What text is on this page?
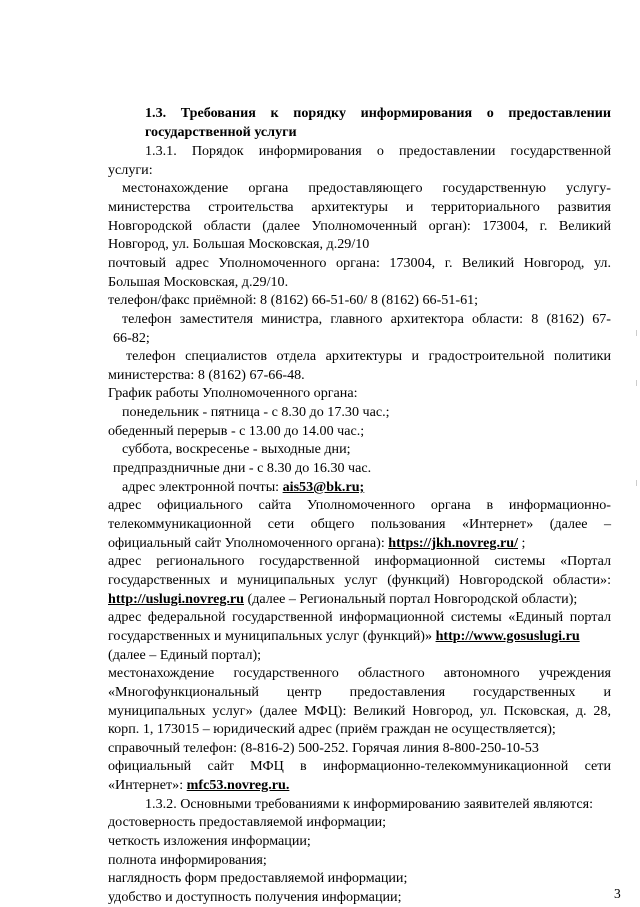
1.3. Требования к порядку информирования о предоставлении
государственной услуги
1.3.1. Порядок информирования о предоставлении государственной
услуги:
местонахождение органа предоставляющего государственную услугу-
министерства строительства архитектуры и территориального развития
Новгородской области (далее Уполномоченный орган): 173004, г. Великий
Новгород, ул. Большая Московская, д.29/10
почтовый адрес Уполномоченного органа: 173004, г. Великий Новгород, ул.
Большая Московская, д.29/10.
телефон/факс приёмной: 8 (8162) 66-51-60/ 8 (8162) 66-51-61;
телефон заместителя министра, главного архитектора области: 8 (8162) 67-
66-82;
телефон специалистов отдела архитектуры и градостроительной политики
министерства: 8 (8162) 67-66-48.
График работы Уполномоченного органа:
понедельник - пятница - с 8.30 до 17.30 час.;
обеденный перерыв - с 13.00 до 14.00 час.;
суббота, воскресенье - выходные дни;
предпраздничные дни - с 8.30 до 16.30 час.
адрес электронной почты: ais53@bk.ru;
адрес официального сайта Уполномоченного органа в информационно-
телекоммуникационной сети общего пользования «Интернет» (далее –
официальный сайт Уполномоченного органа): https://jkh.novreg.ru/ ;
адрес регионального государственной информационной системы «Портал
государственных и муниципальных услуг (функций) Новгородской области»:
http://uslugi.novreg.ru (далее – Региональный портал Новгородской области);
адрес федеральной государственной информационной системы «Единый портал
государственных и муниципальных услуг (функций)» http://www.gosuslugi.ru
(далее – Единый портал);
местонахождение государственного областного автономного учреждения
«Многофункциональный центр предоставления государственных и
муниципальных услуг» (далее МФЦ): Великий Новгород, ул. Псковская, д. 28,
корп. 1, 173015 – юридический адрес (приём граждан не осуществляется);
справочный телефон: (8-816-2) 500-252. Горячая линия 8-800-250-10-53
официальный сайт МФЦ в информационно-телекоммуникационной сети
«Интернет»: mfc53.novreg.ru.
1.3.2. Основными требованиями к информированию заявителей являются:
достоверность предоставляемой информации;
четкость изложения информации;
3
полнота информирования;
наглядность форм предоставляемой информации;
удобство и доступность получения информации;
